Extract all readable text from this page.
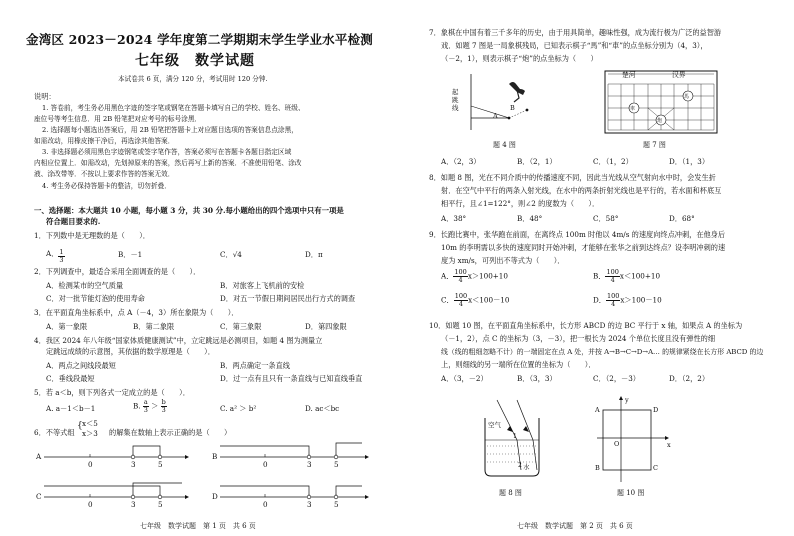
金湾区 2023－2024 学年度第二学期期末学生学业水平检测
七年级　数学试题
本试卷共 6 页，满分 120 分，考试用时 120 分钟.
说明：
1. 答卷前，考生务必用黑色字迹的签字笔或钢笔在答题卡填写自己的学校、姓名、班级、
座位号等考生信息．用 2B 铅笔把对应考号的标号涂黑．
2. 选择题每小题选出答案后，用 2B 铅笔把答题卡上对应题目选项的答案信息点涂黑，
如需改动，用橡皮擦干净后，再选涂其他答案．
3. 非选择题必须用黑色字迹钢笔或签字笔作答，答案必须写在答题卡各题目指定区域
内相应位置上．如需改动，先划掉原来的答案，然后再写上新的答案．不准使用铅笔、涂改
液、涂改带等．不按以上要求作答的答案无效．
4. 考生务必保持答题卡的整洁，切勿折叠．
一、选择题：本大题共 10 小题，每小题 3 分，共 30 分.每小题给出的四个选项中只有一项是
符合题目要求的.
1．下列数中是无理数的是（　　）．
A． $\frac{1}{3}$	B．－1	C．√4	D．π
2．下列调查中，最适合采用全面调查的是（　　）．
A．检测某市的空气质量	B．对旅客上飞机前的安检
C．对一批节能灯泡的使用寿命	D．对五一节假日期间居民出行方式的调查
3．在平面直角坐标系中，点 A（－4，3）所在象限为（　　）．
A．第一象限	B．第二象限	C．第三象限	D．第四象限
4．我区 2024 年八年级“国家体质健康测试”中，立定跳远是必测项目，如题 4 图为测量立
定跳远成绩的示意图，其依据的数学原理是（　　）．
A．两点之间线段最短	B．两点确定一条直线
C．垂线段最短	D．过一点有且只有一条直线与已知直线垂直
5．若 a＜b，则下列各式一定成立的是（　　）．
A. a－1＜b－1	B. $\frac{a}{3} > \frac{b}{3}$	C. a² ＞ b²	D. ac＜bc
6．不等式组
{ x＜5
x＞3 的解集在数轴上表示正确的是（　　）
A
0	3	5
B
0	3	5
C
0	3	5
D
0	3	5
七年级　数学试题　第 1 页　共 6 页
7．象棋在中国有着三千多年的历史，由于用具简单，趣味性强，成为流行极为广泛的益智游
戏．如题 7 图是一局象棋残局，已知表示棋子“馬”和“車”的点坐标分别为（4，3），
（－2，1），则表示棋子“炮”的点坐标为（　　）
起跳线
A
B
题 4 图
楚河	汉界
車
炮
馬
题 7 图
A．（2，3）	B．（2，1）	C．（1，2）	D．（1，3）
8．如题 8 图，光在不同介质中的传播速度不同，因此当光线从空气射向水中时，会发生折
射．在空气中平行的两条入射光线，在水中的两条折射光线也是平行的，若水面和杯底互
相平行，且∠1=122°，则∠2 的度数为（　　）．
A．38°	B．48°	C．58°	D．68°
9．长跑比赛中，张华跑在前面，在离终点 100m 时他以 4m/s 的速度向终点冲刺，在他身后
10m 的李明需以多快的速度同时开始冲刺，才能够在张华之前到达终点？设李明冲刺的速
度为 xm/s，可列出不等式为（　　）．
A． $\frac{100}{4} x>100+10$	B． $\frac{100}{4} x<100+10$
C． $\frac{100}{4} x<100-10$	D． $\frac{100}{4} x>100-10$
10．如题 10 图，在平面直角坐标系中，长方形 ABCD 的边 BC 平行于 x 轴，如果点 A 的坐标为
（－1，2），点 C 的坐标为（3，－3），把一根长为 2024 个单位长度且没有弹性的细
线（线的粗细忽略不计）的一端固定在点 A 处，并按 A→B→C→D→A… 的规律紧绕在长方形 ABCD 的边
上，则细线的另一端所在位置的坐标为（　　）．
A．（3，－2）	B．（3，3）	C．（2，－3）	D．（2，2）
空气
水
1
2
题 8 图
A	D
B	C
O	x
y
题 10 图
七年级　数学试题　第 2 页　共 6 页
